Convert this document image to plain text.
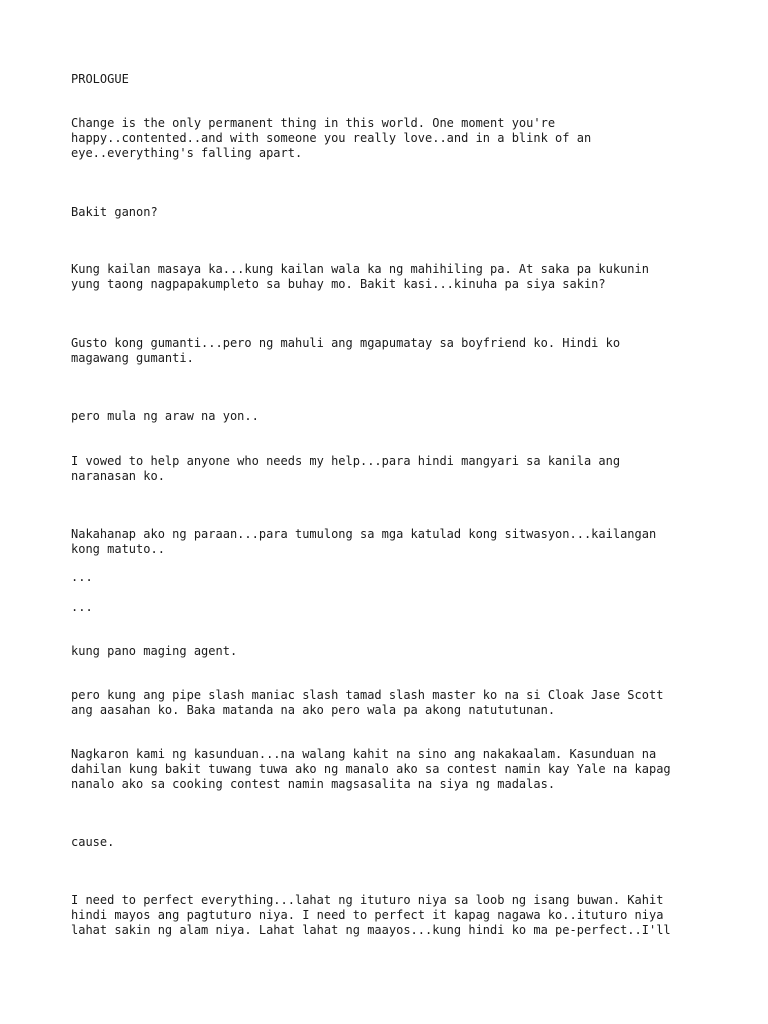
PROLOGUE

Change is the only permanent thing in this world. One moment you're

happy..contented..and with someone you really love..and in a blink of an

eye..everything's falling apart.

Bakit ganon?

Kung kailan masaya ka...kung kailan wala ka ng mahihiling pa. At saka pa kukunin

yung taong nagpapakumpleto sa buhay mo. Bakit kasi...kinuha pa siya sakin?

Gusto kong gumanti...pero ng mahuli ang mgapumatay sa boyfriend ko. Hindi ko

magawang gumanti.

pero mula ng araw na yon..

I vowed to help anyone who needs my help...para hindi mangyari sa kanila ang

naranasan ko.

Nakahanap ako ng paraan...para tumulong sa mga katulad kong sitwasyon...kailangan

kong matuto..

...

...

kung pano maging agent.

pero kung ang pipe slash maniac slash tamad slash master ko na si Cloak Jase Scott

ang aasahan ko. Baka matanda na ako pero wala pa akong natututunan.

Nagkaron kami ng kasunduan...na walang kahit na sino ang nakakaalam. Kasunduan na

dahilan kung bakit tuwang tuwa ako ng manalo ako sa contest namin kay Yale na kapag

nanalo ako sa cooking contest namin magsasalita na siya ng madalas.

cause.

I need to perfect everything...lahat ng ituturo niya sa loob ng isang buwan. Kahit

hindi mayos ang pagtuturo niya. I need to perfect it kapag nagawa ko..ituturo niya

lahat sakin ng alam niya. Lahat lahat ng maayos...kung hindi ko ma pe-perfect..I'll
